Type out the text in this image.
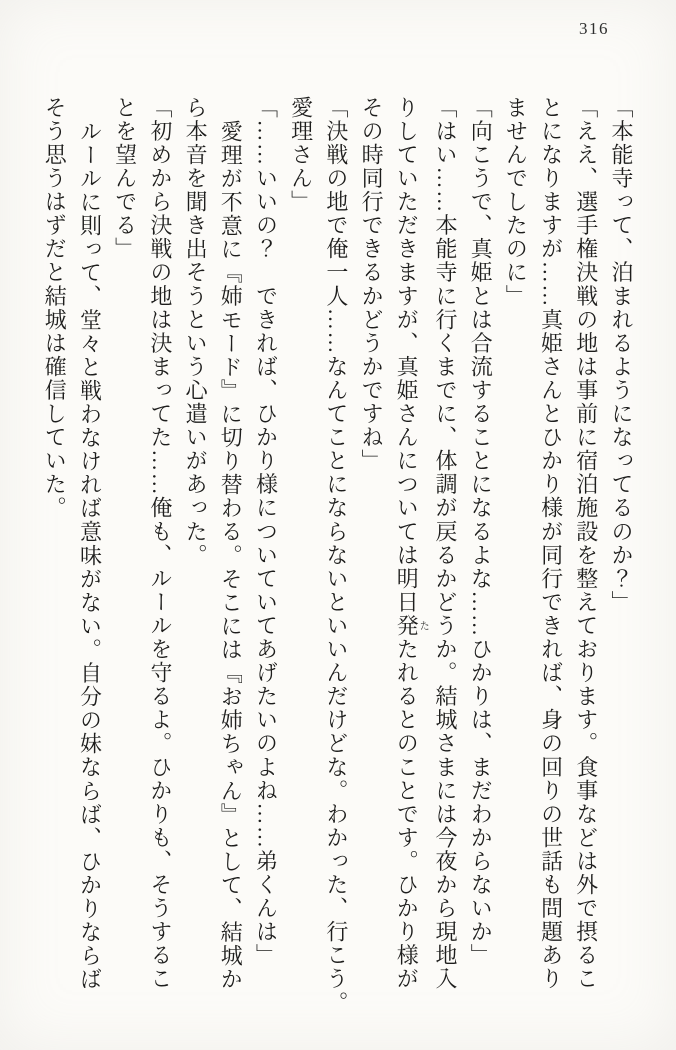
316

「本能寺って、泊まれるようになってるのか？」

「ええ、選手権決戦の地は事前に宿泊施設を整えております。食事などは外で摂るこ

とになりますが……真姫さんとひかり様が同行できれば、身の回りの世話も問題あり

ませんでしたのに」

「向こうで、真姫とは合流することになるよな……ひかりは、まだわからないか」

「はい……本能寺に行くまでに、体調が戻るかどうか。結城さまには今夜から現地入

りしていただきますが、真姫さんについては明日発たたれるとのことです。ひかり様が

その時同行できるかどうかですね」

「決戦の地で俺一人……なんてことにならないといいんだけどな。わかった、行こう。

愛理さん」

「……いいの？　できれば、ひかり様についていてあげたいのよね……弟くんは」

愛理が不意に『姉モード』に切り替わる。そこには『お姉ちゃん』として、結城か

ら本音を聞き出そうという心遣いがあった。

「初めから決戦の地は決まってた……俺も、ルールを守るよ。ひかりも、そうするこ

とを望んでる」

ルールに則って、堂々と戦わなければ意味がない。自分の妹ならば、ひかりならば

そう思うはずだと結城は確信していた。
